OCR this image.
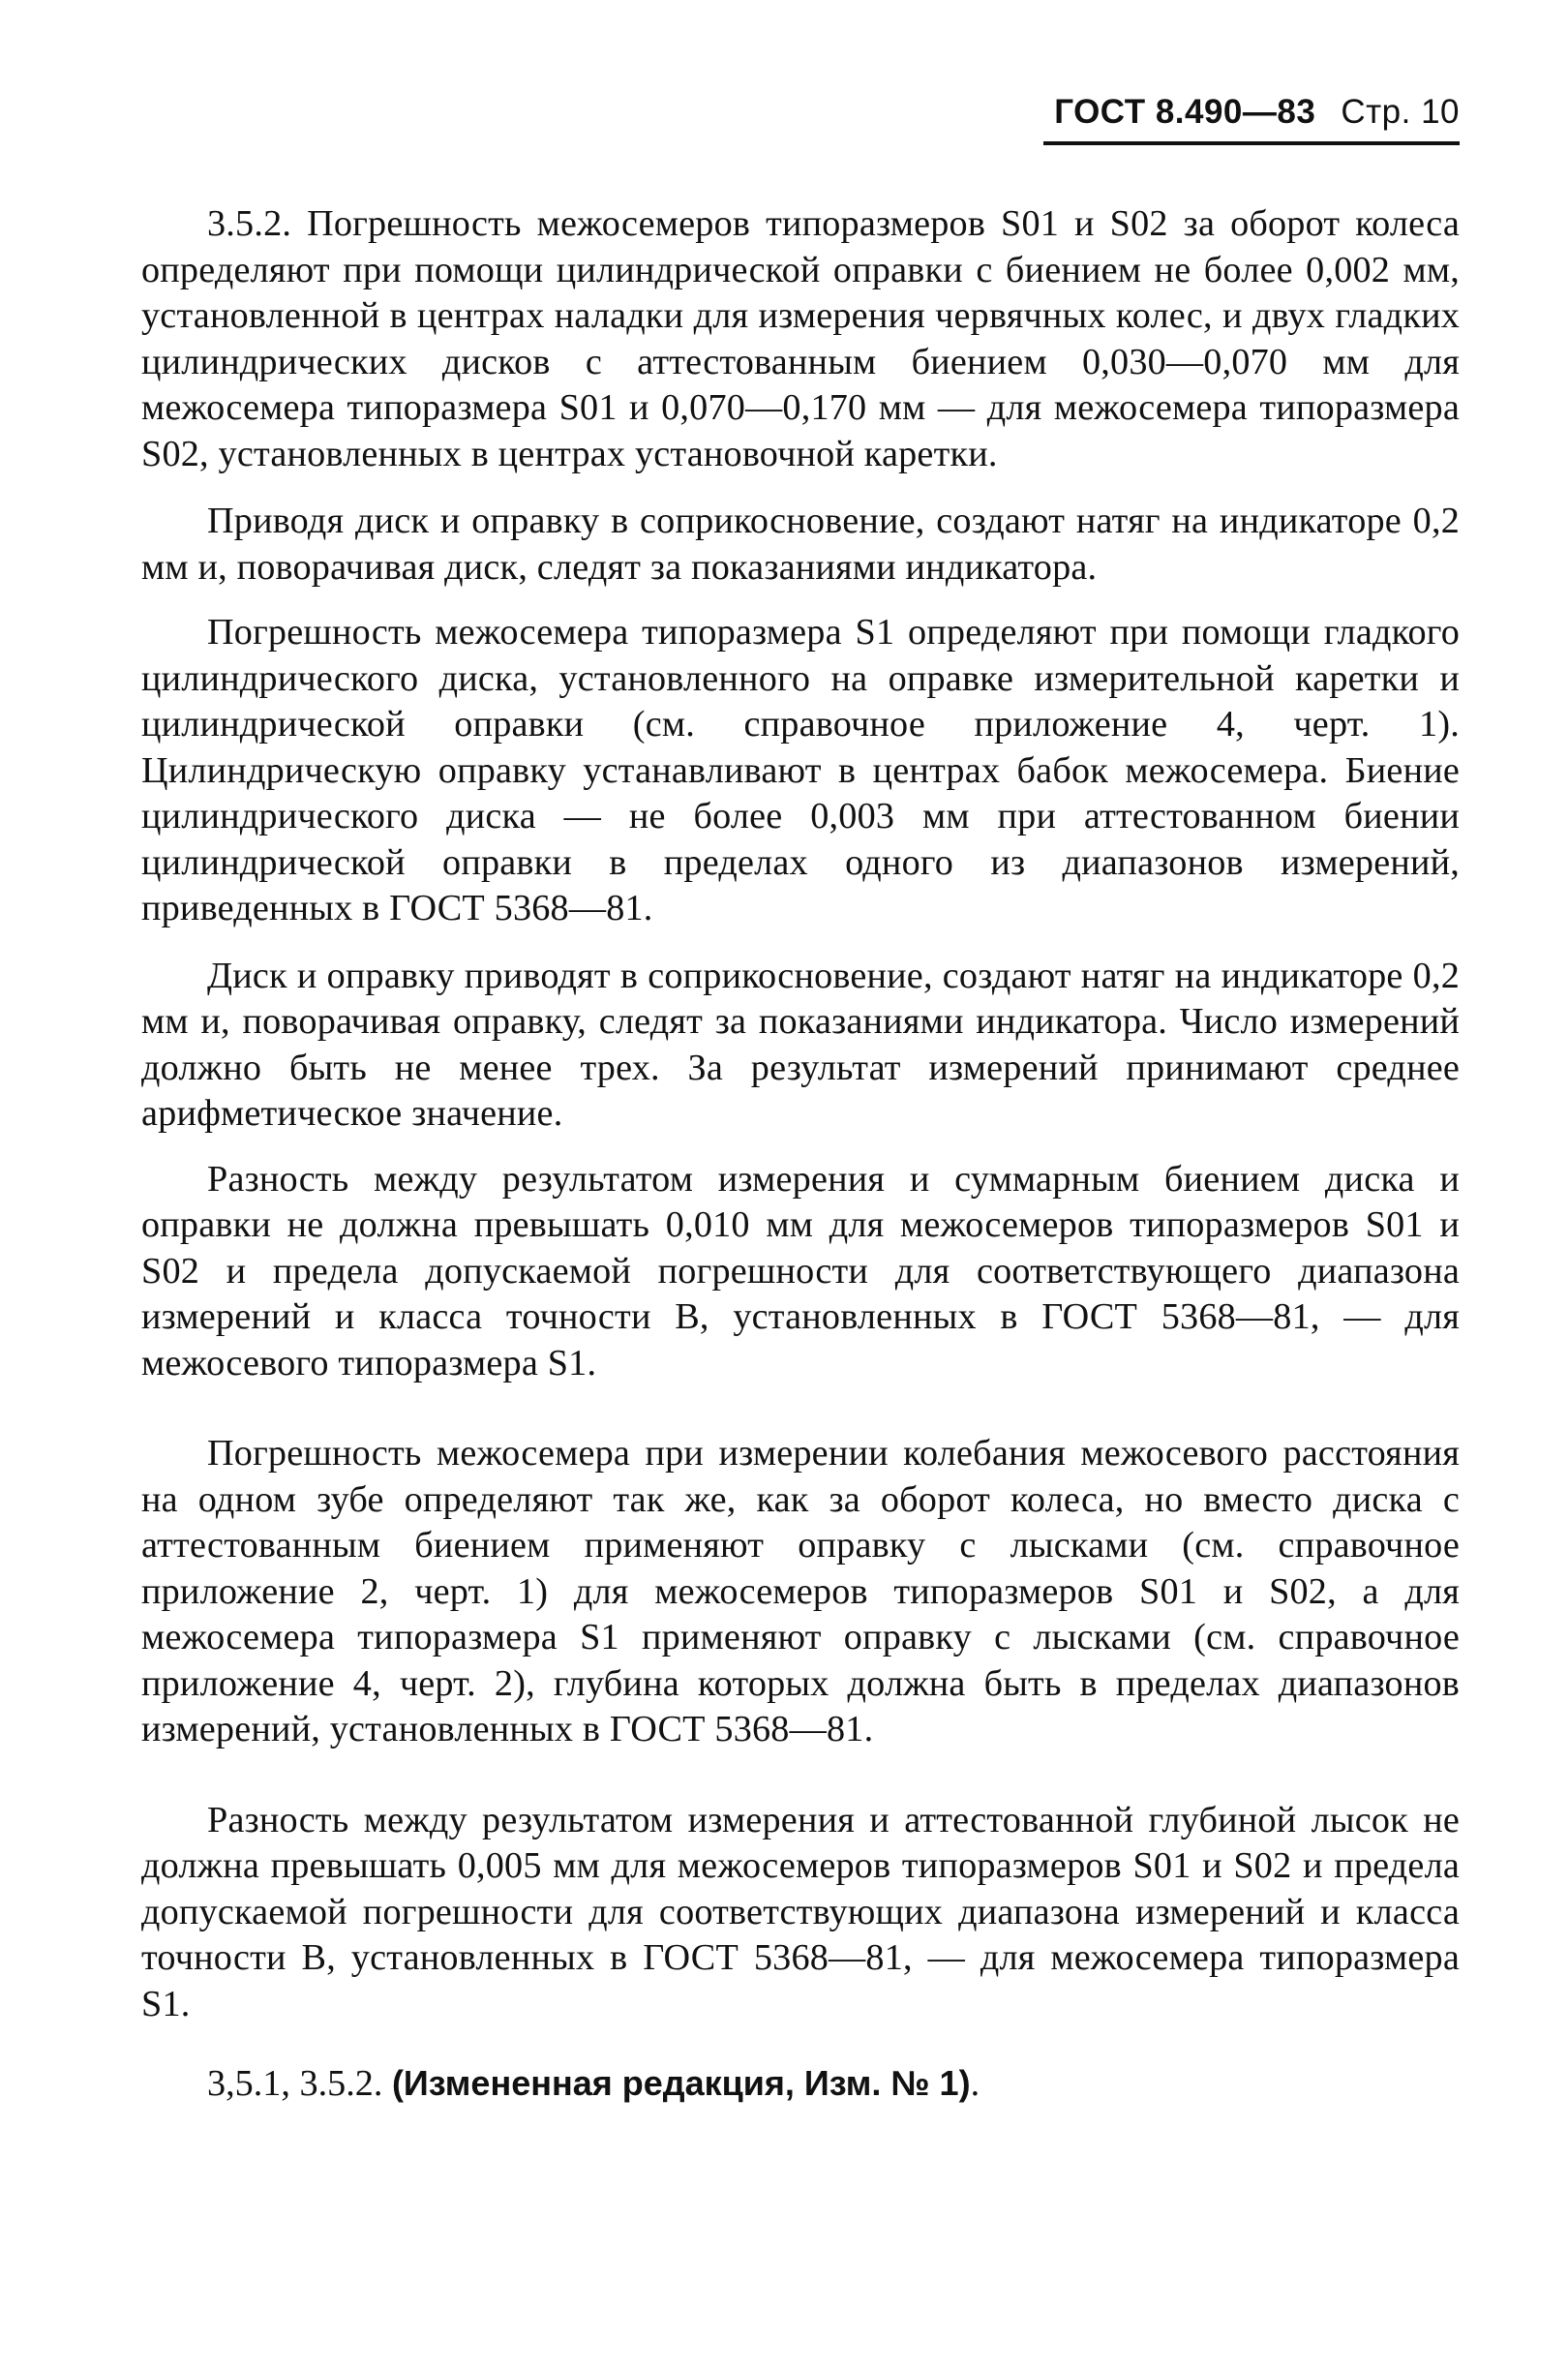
ГОСТ 8.490—83 Стр. 10

3.5.2. Погрешность межосемеров типоразмеров S01 и S02 за оборот колеса определяют при помощи цилиндрической оправки с биением не более 0,002 мм, установленной в центрах наладки для измерения червячных колес, и двух гладких цилиндрических дисков с аттестованным биением 0,030—0,070 мм для межосемера типоразмера S01 и 0,070—0,170 мм — для межосемера типоразмера S02, установленных в центрах установочной каретки.

Приводя диск и оправку в соприкосновение, создают натяг на индикаторе 0,2 мм и, поворачивая диск, следят за показаниями индикатора.

Погрешность межосемера типоразмера S1 определяют при помощи гладкого цилиндрического диска, установленного на оправке измерительной каретки и цилиндрической оправки (см. справочное приложение 4, черт. 1). Цилиндрическую оправку устанавливают в центрах бабок межосемера. Биение цилиндрического диска — не более 0,003 мм при аттестованном биении цилиндрической оправки в пределах одного из диапазонов измерений, приведенных в ГОСТ 5368—81.

Диск и оправку приводят в соприкосновение, создают натяг на индикаторе 0,2 мм и, поворачивая оправку, следят за показаниями индикатора. Число измерений должно быть не менее трех. За результат измерений принимают среднее арифметическое значение.

Разность между результатом измерения и суммарным биением диска и оправки не должна превышать 0,010 мм для межосемеров типоразмеров S01 и S02 и предела допускаемой погрешности для соответствующего диапазона измерений и класса точности В, установленных в ГОСТ 5368—81, — для межосевого типоразмера S1.

Погрешность межосемера при измерении колебания межосевого расстояния на одном зубе определяют так же, как за оборот колеса, но вместо диска с аттестованным биением применяют оправку с лысками (см. справочное приложение 2, черт. 1) для межосемеров типоразмеров S01 и S02, а для межосемера типоразмера S1 применяют оправку с лысками (см. справочное приложение 4, черт. 2), глубина которых должна быть в пределах диапазонов измерений, установленных в ГОСТ 5368—81.

Разность между результатом измерения и аттестованной глубиной лысок не должна превышать 0,005 мм для межосемеров типоразмеров S01 и S02 и предела допускаемой погрешности для соответствующих диапазона измерений и класса точности В, установленных в ГОСТ 5368—81, — для межосемера типоразмера S1.

3,5.1, 3.5.2. (Измененная редакция, Изм. № 1).
